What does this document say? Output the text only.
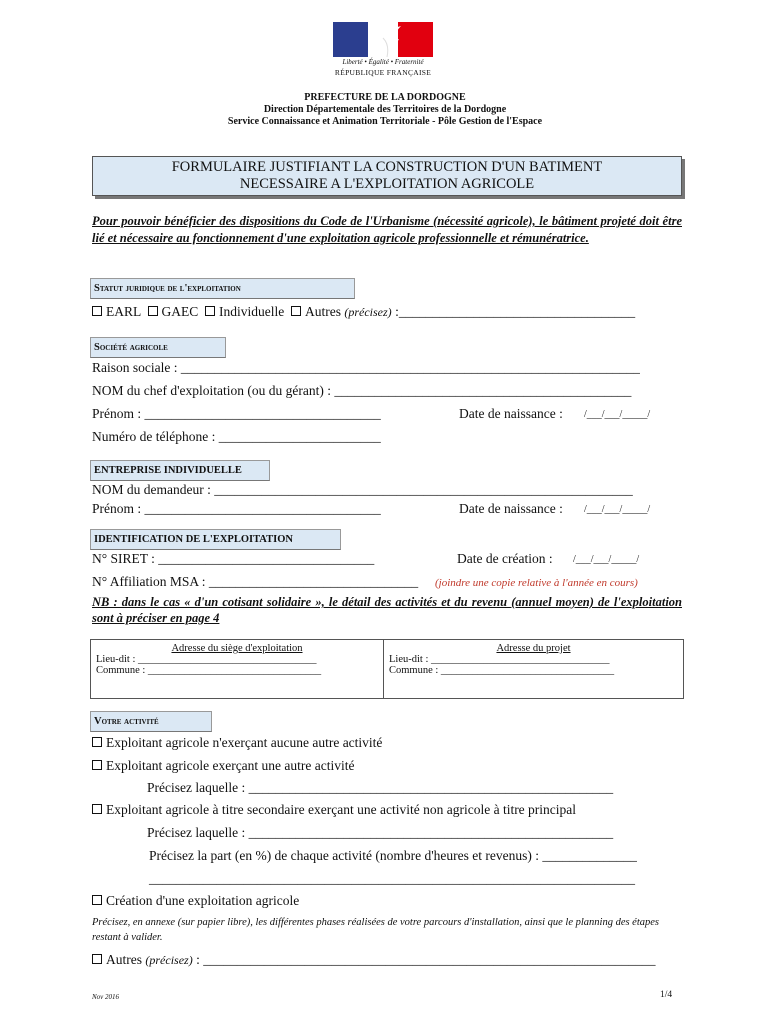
Liberté • Égalité • Fraternité
RÉPUBLIQUE FRANÇAISE
PREFECTURE DE LA DORDOGNE
Direction Départementale des Territoires de la Dordogne
Service Connaissance et Animation Territoriale - Pôle Gestion de l'Espace
FORMULAIRE JUSTIFIANT LA CONSTRUCTION D'UN BATIMENT
NECESSAIRE A L'EXPLOITATION AGRICOLE
Pour pouvoir bénéficier des dispositions du Code de l'Urbanisme (nécessité agricole), le bâtiment projeté doit être lié et nécessaire au fonctionnement d'une exploitation agricole professionnelle et rémunératrice.
Statut juridique de l'exploitation
EARL GAEC Individuelle Autres (précisez) :___________________________________
Société agricole
Raison sociale : ____________________________________________________________________
NOM du chef d'exploitation (ou du gérant) : ____________________________________________
Prénom : ___________________________________	Date de naissance : /___/___/_____/
Numéro de téléphone : ________________________
ENTREPRISE INDIVIDUELLE
NOM du demandeur : ______________________________________________________________
Prénom : ___________________________________	Date de naissance : /___/___/_____/
IDENTIFICATION DE L'EXPLOITATION
N° SIRET : ________________________________	Date de création : /___/___/_____/
N° Affiliation MSA : _______________________________ (joindre une copie relative à l'année en cours)
NB : dans le cas « d'un cotisant solidaire », le détail des activités et du revenu (annuel moyen) de l'exploitation sont à préciser en page 4
Adresse du siège d'exploitation
Lieu-dit : __________________________________
Commune : _________________________________
Adresse du projet
Lieu-dit : __________________________________
Commune : _________________________________
Votre activité
Exploitant agricole n'exerçant aucune autre activité
Exploitant agricole exerçant une autre activité
Précisez laquelle : ______________________________________________________
Exploitant agricole à titre secondaire exerçant une activité non agricole à titre principal
Précisez laquelle : ______________________________________________________
Précisez la part (en %) de chaque activité (nombre d'heures et revenus) : ______________
________________________________________________________________________
Création d'une exploitation agricole
Précisez, en annexe (sur papier libre), les différentes phases réalisées de votre parcours d'installation, ainsi que le planning des étapes restant à valider.
Autres (précisez) : ___________________________________________________________________
Nov 2016	1/4
